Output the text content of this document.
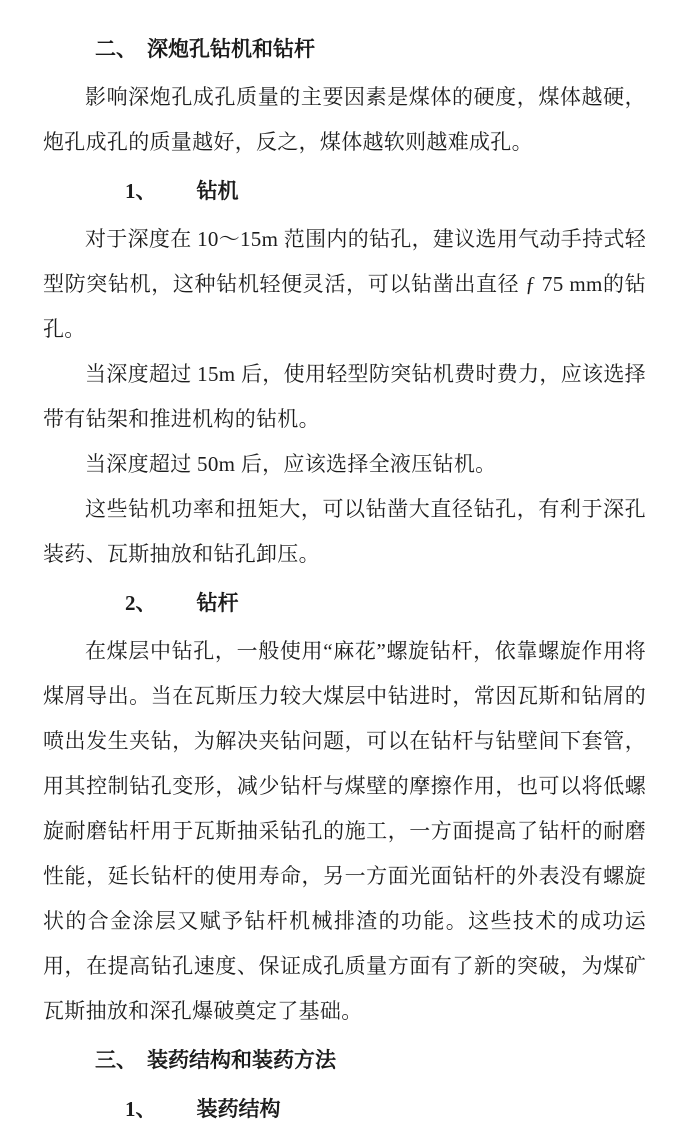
二、 深炮孔钻机和钻杆
影响深炮孔成孔质量的主要因素是煤体的硬度，煤体越硬，炮孔成孔的质量越好，反之，煤体越软则越难成孔。
1、 钻机
对于深度在 10～15m 范围内的钻孔，建议选用气动手持式轻型防突钻机，这种钻机轻便灵活，可以钻凿出直径 ƒ 75 mm的钻孔。
当深度超过 15m 后，使用轻型防突钻机费时费力，应该选择带有钻架和推进机构的钻机。
当深度超过 50m 后，应该选择全液压钻机。
这些钻机功率和扭矩大，可以钻凿大直径钻孔，有利于深孔装药、瓦斯抽放和钻孔卸压。
2、 钻杆
在煤层中钻孔，一般使用“麻花”螺旋钻杆，依靠螺旋作用将煤屑导出。当在瓦斯压力较大煤层中钻进时，常因瓦斯和钻屑的喷出发生夹钻，为解决夹钻问题，可以在钻杆与钻壁间下套管，用其控制钻孔变形，减少钻杆与煤壁的摩擦作用，也可以将低螺旋耐磨钻杆用于瓦斯抽采钻孔的施工，一方面提高了钻杆的耐磨性能，延长钻杆的使用寿命，另一方面光面钻杆的外表没有螺旋状的合金涂层又赋予钻杆机械排渣的功能。这些技术的成功运用，在提高钻孔速度、保证成孔质量方面有了新的突破，为煤矿瓦斯抽放和深孔爆破奠定了基础。
三、 装药结构和装药方法
1、 装药结构
